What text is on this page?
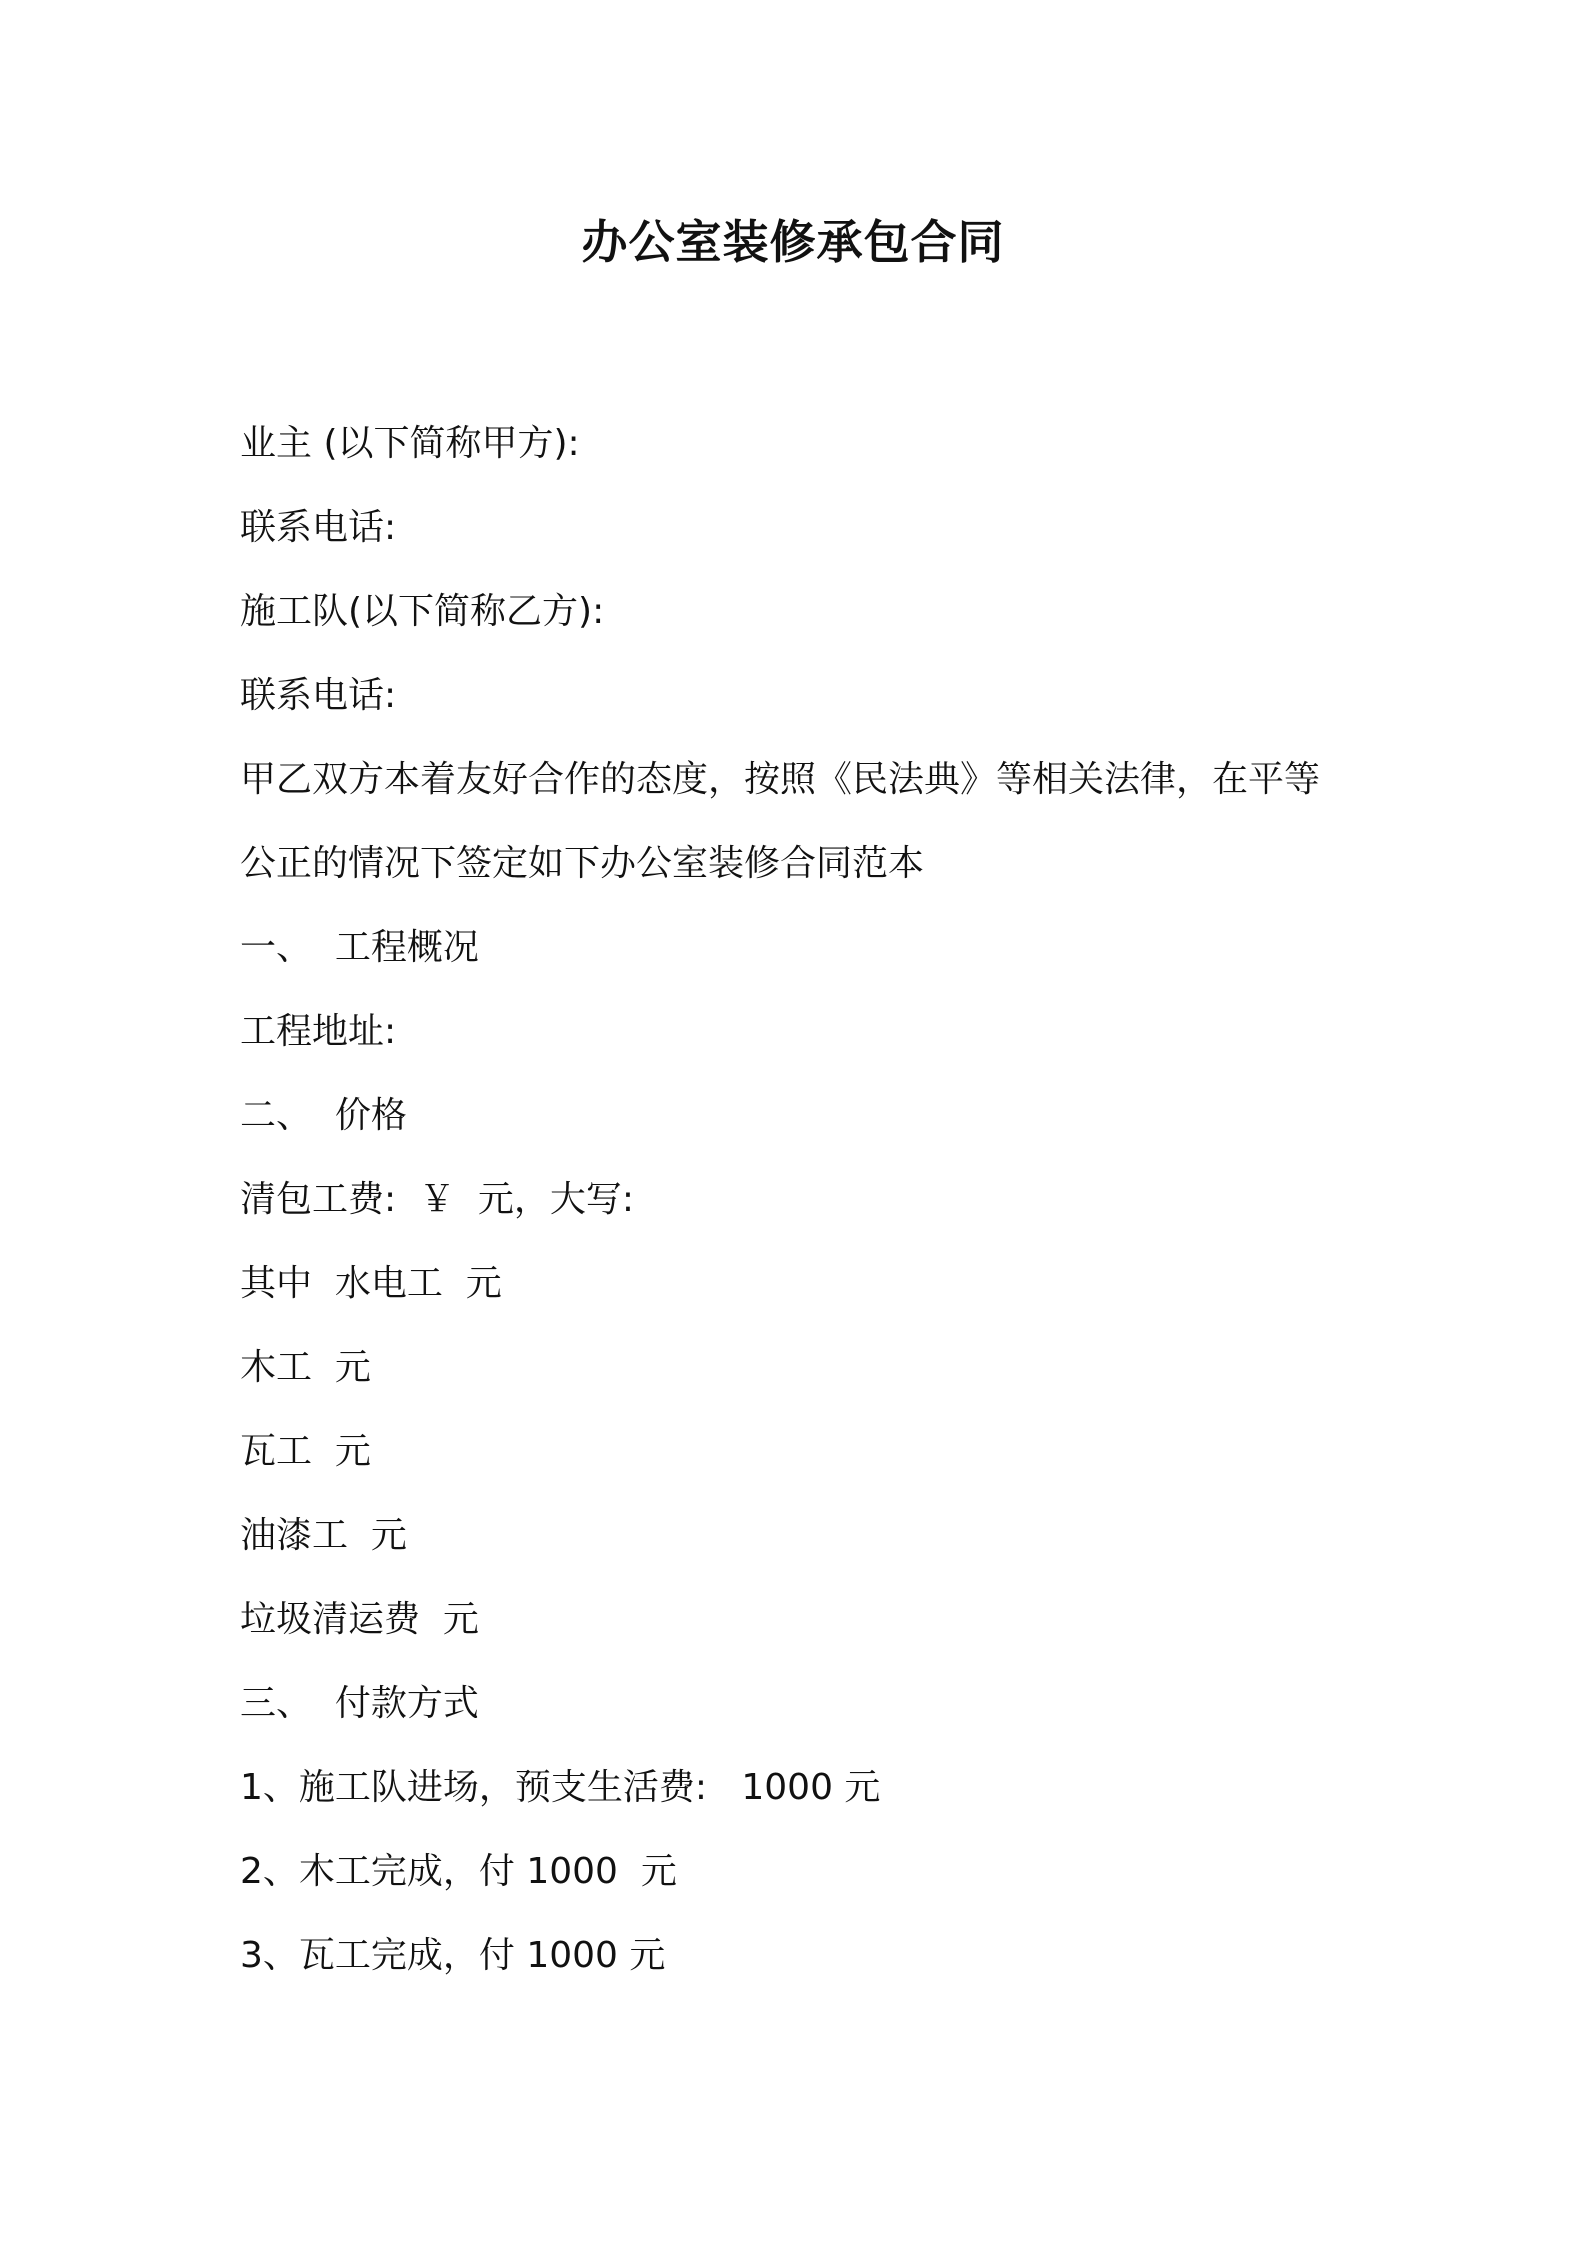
办公室装修承包合同
业主 (以下简称甲方):
联系电话:
施工队(以下简称乙方):
联系电话:
甲乙双方本着友好合作的态度，按照《民法典》等相关法律，在平等
公正的情况下签定如下办公室装修合同范本
一、  工程概况
工程地址:
二、  价格
清包工费:  ￥  元，大写:
其中  水电工  元
木工  元
瓦工  元
油漆工  元
垃圾清运费  元
三、  付款方式
1、施工队进场，预支生活费:   1000 元
2、木工完成，付 1000  元
3、瓦工完成，付 1000 元
